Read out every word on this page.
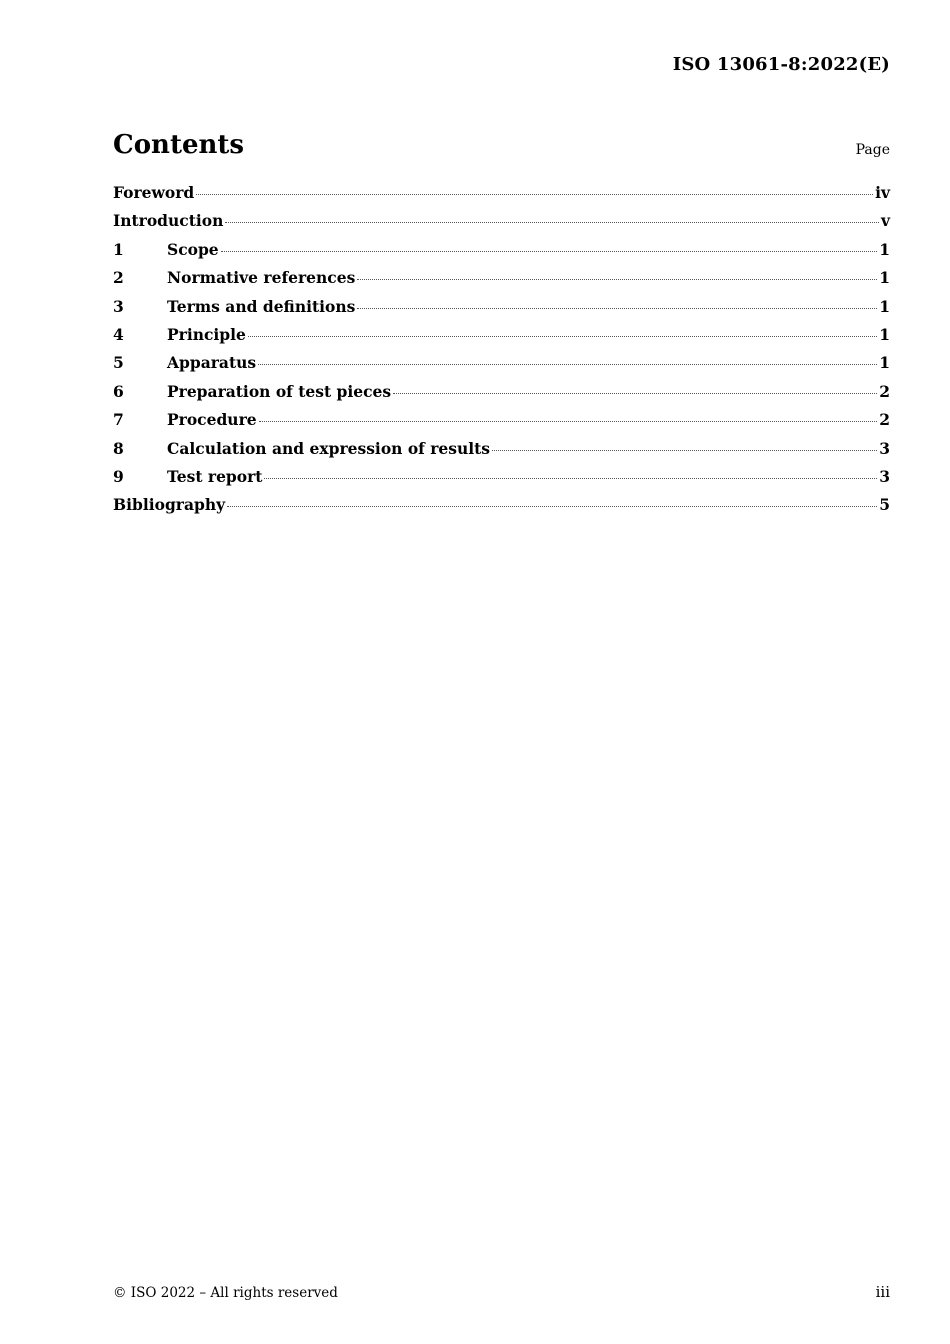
ISO 13061-8:2022(E)
Contents	Page
Foreword	iv
Introduction	v
1	Scope	1
2	Normative references	1
3	Terms and definitions	1
4	Principle	1
5	Apparatus	1
6	Preparation of test pieces	2
7	Procedure	2
8	Calculation and expression of results	3
9	Test report	3
Bibliography	5
© ISO 2022 – All rights reserved	iii
